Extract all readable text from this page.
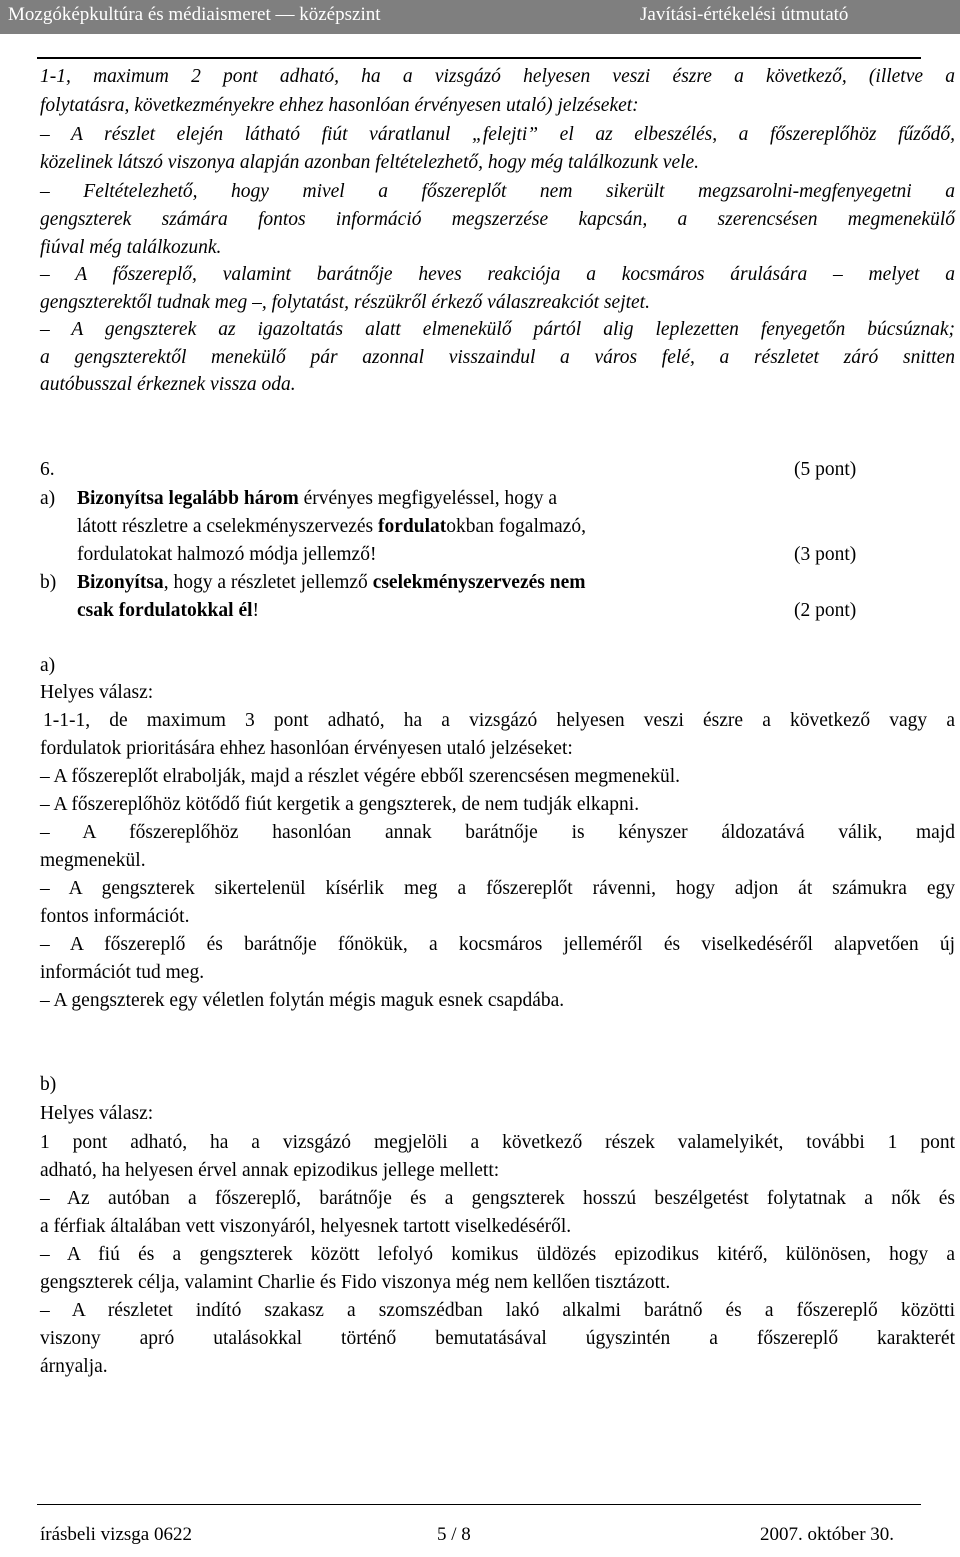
Mozgóképkultúra és médiaismeret — középszint	Javítási-értékelési útmutató
1-1, maximum 2 pont adható, ha a vizsgázó helyesen veszi észre a következő, (illetve a
folytatásra, következményekre ehhez hasonlóan érvényesen utaló) jelzéseket:
– A részlet elején látható fiút váratlanul „felejti” el az elbeszélés, a főszereplőhöz fűződő,
közelinek látszó viszonya alapján azonban feltételezhető, hogy még találkozunk vele.
– Feltételezhető, hogy mivel a főszereplőt nem sikerült megzsarolni-megfenyegetni a
gengszterek számára fontos információ megszerzése kapcsán, a szerencsésen megmenekülő
fiúval még találkozunk.
– A főszereplő, valamint barátnője heves reakciója a kocsmáros árulására – melyet a
gengszterektől tudnak meg –, folytatást, részükről érkező válaszreakciót sejtet.
– A gengszterek az igazoltatás alatt elmenekülő pártól alig leplezetten fenyegetőn búcsúznak;
a gengszterektől menekülő pár azonnal visszaindul a város felé, a részletet záró snitten
autóbusszal érkeznek vissza oda.
6.	(5 pont)
a) Bizonyítsa legalább három érvényes megfigyeléssel, hogy a
látott részletre a cselekményszervezés fordulatokban fogalmazó,
fordulatokat halmozó módja jellemző!	(3 pont)
b) Bizonyítsa, hogy a részletet jellemző cselekményszervezés nem
csak fordulatokkal él!	(2 pont)
a)
Helyes válasz:
1-1-1, de maximum 3 pont adható, ha a vizsgázó helyesen veszi észre a következő vagy a
fordulatok prioritására ehhez hasonlóan érvényesen utaló jelzéseket:
– A főszereplőt elrabolják, majd a részlet végére ebből szerencsésen megmenekül.
– A főszereplőhöz kötődő fiút kergetik a gengszterek, de nem tudják elkapni.
– A főszereplőhöz hasonlóan annak barátnője is kényszer áldozatává válik, majd
megmenekül.
– A gengszterek sikertelenül kísérlik meg a főszereplőt rávenni, hogy adjon át számukra egy
fontos információt.
– A főszereplő és barátnője főnökük, a kocsmáros jelleméről és viselkedéséről alapvetően új
információt tud meg.
– A gengszterek egy véletlen folytán mégis maguk esnek csapdába.
b)
Helyes válasz:
1 pont adható, ha a vizsgázó megjelöli a következő részek valamelyikét, további 1 pont
adható, ha helyesen érvel annak epizodikus jellege mellett:
– Az autóban a főszereplő, barátnője és a gengszterek hosszú beszélgetést folytatnak a nők és
a férfiak általában vett viszonyáról, helyesnek tartott viselkedéséről.
– A fiú és a gengszterek között lefolyó komikus üldözés epizodikus kitérő, különösen, hogy a
gengszterek célja, valamint Charlie és Fido viszonya még nem kellően tisztázott.
– A részletet indító szakasz a szomszédban lakó alkalmi barátnő és a főszereplő közötti
viszony apró utalásokkal történő bemutatásával úgyszintén a főszereplő karakterét
árnyalja.
írásbeli vizsga 0622	5 / 8	2007. október 30.
